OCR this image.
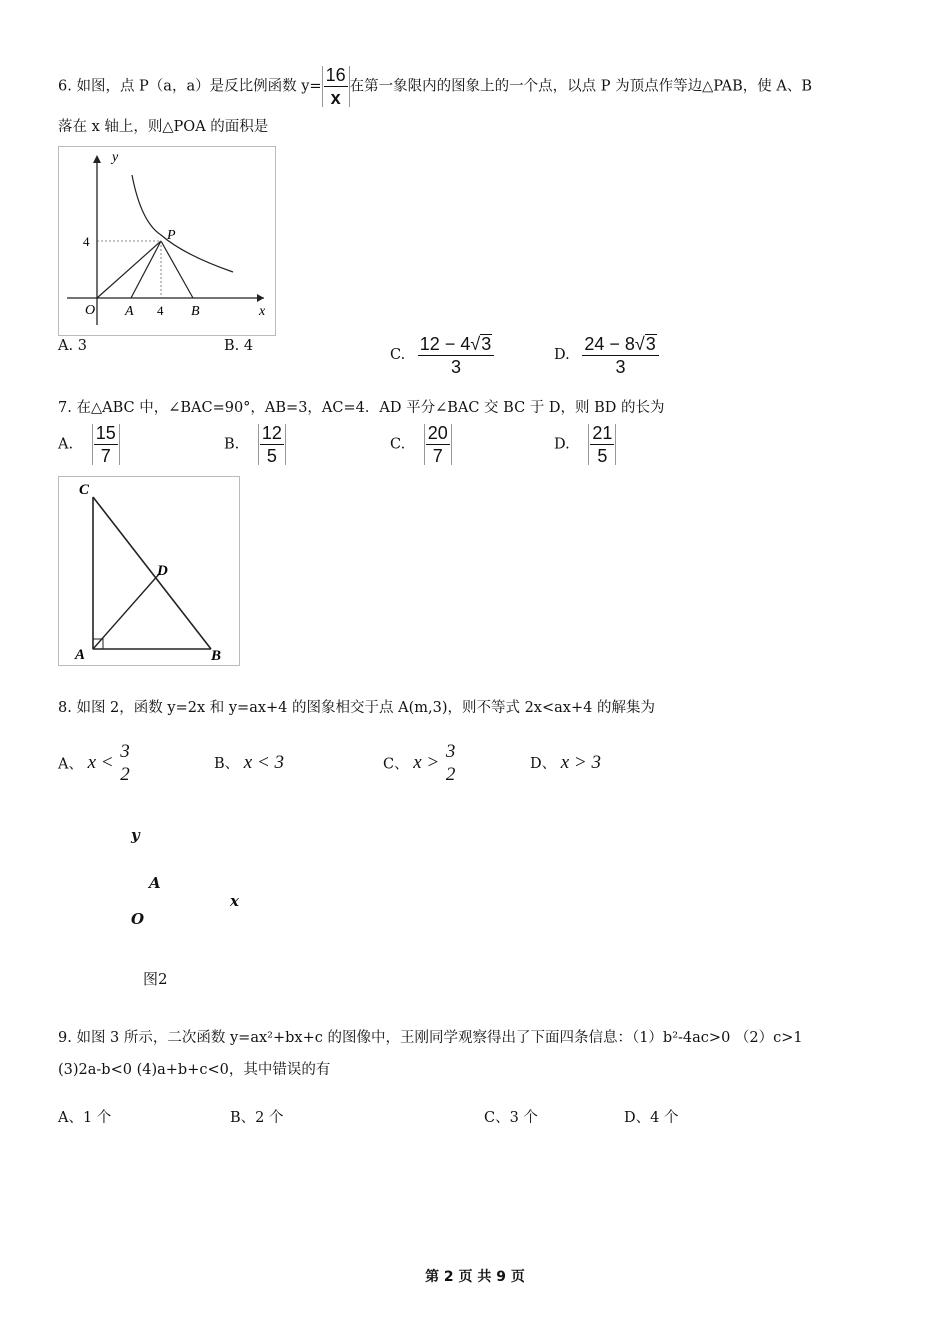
6. 如图，点 P（a，a）是反比例函数 $y= \frac{16}{x}$ 在第一象限内的图象上的一个点，以点 P 为顶点作等边△PAB，使 A、B
落在 x 轴上，则△POA 的面积是
y
x
4
4
O A	B
P
A. 3	B. 4
C. $\frac{12 - 4√3}{3}$	D. $\frac{24 - 8√3}{3}$
7. 在△ABC 中，∠BAC=90°，AB=3，AC=4．AD 平分∠BAC 交 BC 于 D，则 BD 的长为
A. $\frac{15}{7}$	B. $\frac{12}{5}$	C. $\frac{20}{7}$	D. $\frac{21}{5}$
C
D
A	B
8. 如图 2，函数 y=2x 和 y=ax+4 的图象相交于点 A(m,3)，则不等式 2x<ax+4 的解集为
A、 x <
3
2	B、 x < 3	C、 x >
3
2	D、 x > 3
y
A
x
O
图2
9. 如图 3 所示，二次函数 y=ax²+bx+c 的图像中，王刚同学观察得出了下面四条信息：（1）b²-4ac>0 （2）c>1
(3)2a-b<0 (4)a+b+c<0，其中错误的有
A、1 个	B、2 个	C、3 个	D、4 个
第 2 页 共 9 页
